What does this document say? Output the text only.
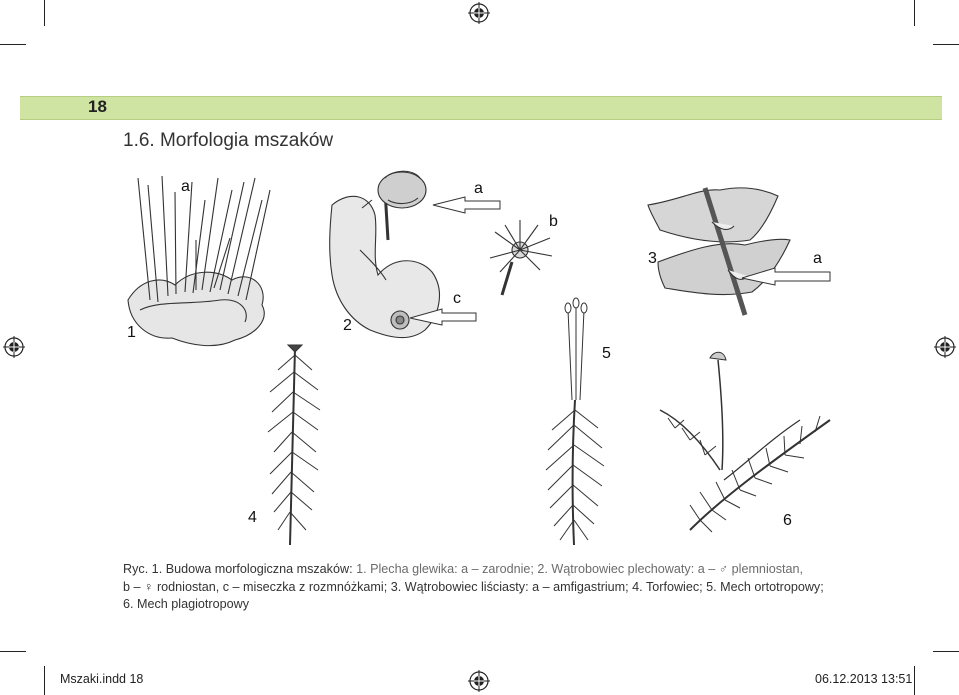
18
1.6. Morfologia mszaków
1	2
3
4
5
6
a	a
a
b
c
Ryc. 1. Budowa morfologiczna mszaków: 1. Plecha glewika: a – zarodnie; 2. Wątrobowiec plechowaty: a – ♂ plemniostan,
b – ♀ rodniostan, c – miseczka z rozmnóżkami; 3. Wątrobowiec liściasty: a – amfigastrium; 4. Torfowiec; 5. Mech ortotropowy;
6. Mech plagiotropowy
Mszaki.indd 18	06.12.2013 13:51
